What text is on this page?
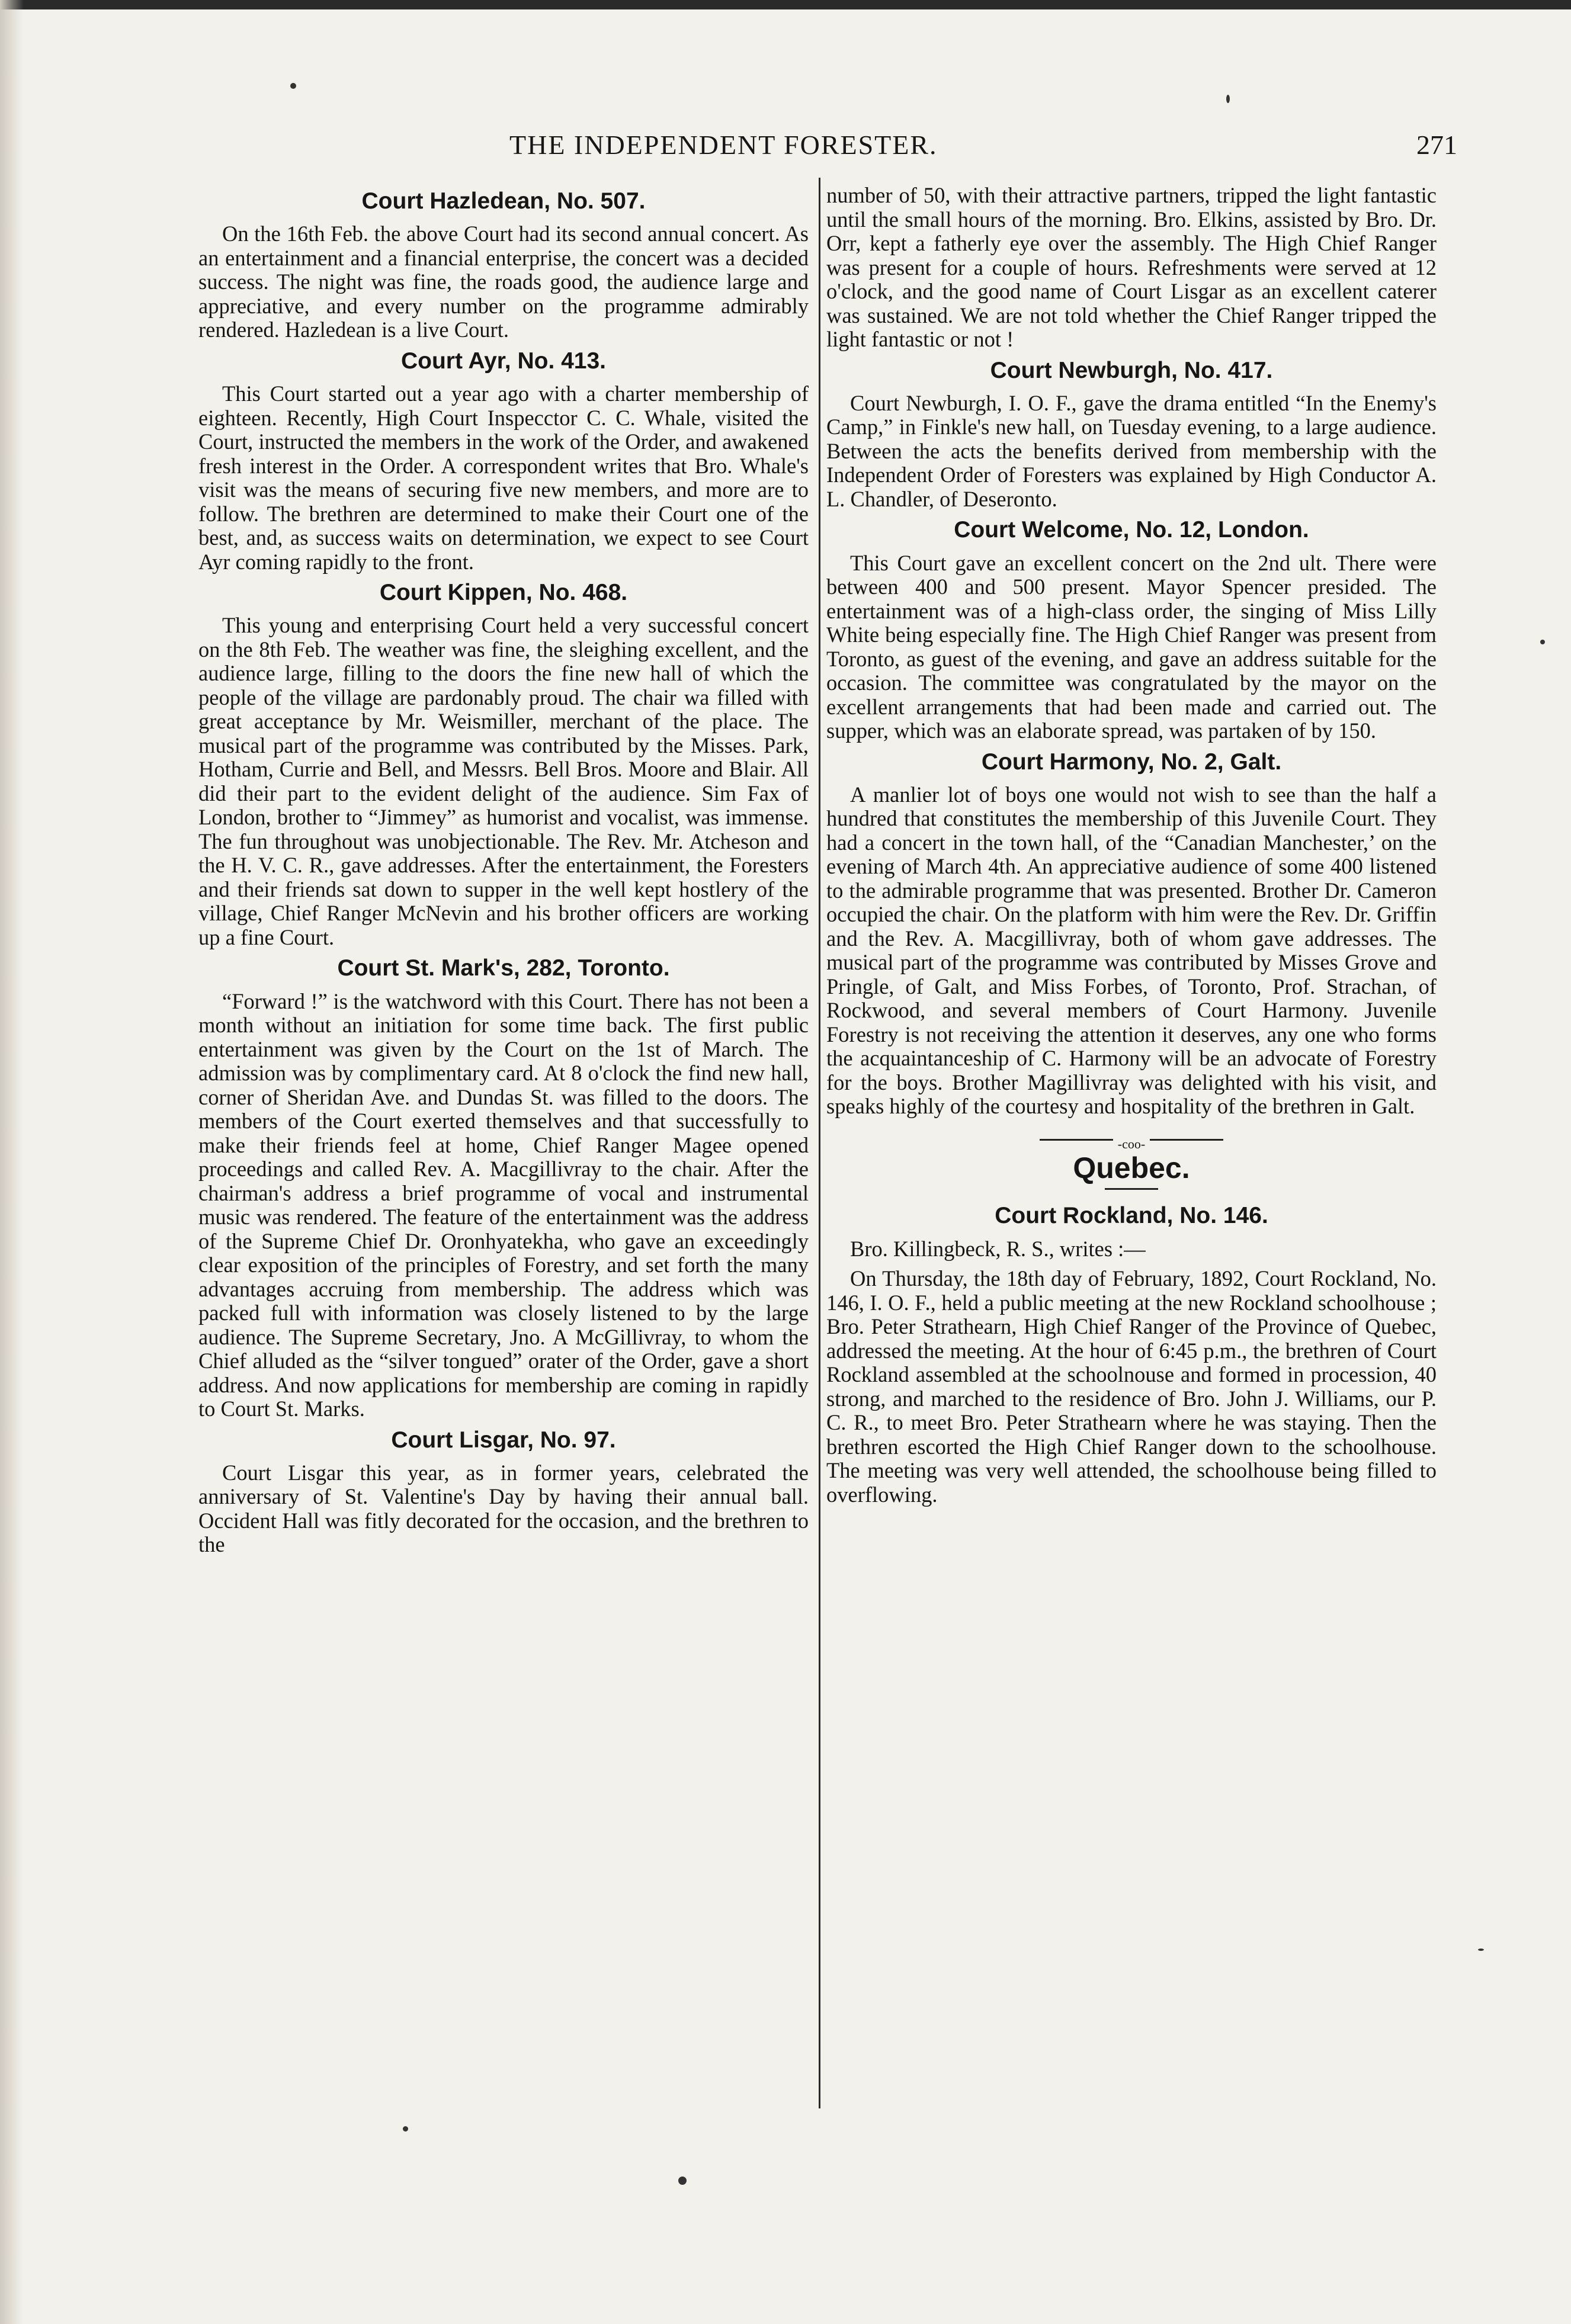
THE INDEPENDENT FORESTER.	271
Court Hazledean, No. 507.

On the 16th Feb. the above Court had its second annual concert. As an entertainment and a financial enterprise, the concert was a decided success. The night was fine, the roads good, the audience large and appreciative, and every number on the programme admirably rendered. Hazledean is a live Court.

Court Ayr, No. 413.

This Court started out a year ago with a charter membership of eighteen. Recently, High Court Inspecctor C. C. Whale, visited the Court, instructed the members in the work of the Order, and awakened fresh interest in the Order. A correspondent writes that Bro. Whale's visit was the means of securing five new members, and more are to follow. The brethren are determined to make their Court one of the best, and, as success waits on determination, we expect to see Court Ayr coming rapidly to the front.

Court Kippen, No. 468.

This young and enterprising Court held a very successful concert on the 8th Feb. The weather was fine, the sleighing excellent, and the audience large, filling to the doors the fine new hall of which the people of the village are pardonably proud. The chair wa filled with great acceptance by Mr. Weismiller, merchant of the place. The musical part of the programme was contributed by the Misses. Park, Hotham, Currie and Bell, and Messrs. Bell Bros. Moore and Blair. All did their part to the evident delight of the audience. Sim Fax of London, brother to “Jimmey” as humorist and vocalist, was immense. The fun throughout was unobjectionable. The Rev. Mr. Atcheson and the H. V. C. R., gave addresses. After the entertainment, the Foresters and their friends sat down to supper in the well kept hostlery of the village, Chief Ranger McNevin and his brother officers are working up a fine Court.

Court St. Mark's, 282, Toronto.

“Forward !” is the watchword with this Court. There has not been a month without an initiation for some time back. The first public entertainment was given by the Court on the 1st of March. The admission was by complimentary card. At 8 o'clock the find new hall, corner of Sheridan Ave. and Dundas St. was filled to the doors. The members of the Court exerted themselves and that successfully to make their friends feel at home, Chief Ranger Magee opened proceedings and called Rev. A. Macgillivray to the chair. After the chairman's address a brief programme of vocal and instrumental music was rendered. The feature of the entertainment was the address of the Supreme Chief Dr. Oronhyatekha, who gave an exceedingly clear exposition of the principles of Forestry, and set forth the many advantages accruing from membership. The address which was packed full with information was closely listened to by the large audience. The Supreme Secretary, Jno. A McGillivray, to whom the Chief alluded as the “silver tongued” orater of the Order, gave a short address. And now applications for membership are coming in rapidly to Court St. Marks.

Court Lisgar, No. 97.

Court Lisgar this year, as in former years, celebrated the anniversary of St. Valentine's Day by having their annual ball. Occident Hall was fitly decorated for the occasion, and the brethren to the

number of 50, with their attractive partners, tripped the light fantastic until the small hours of the morning. Bro. Elkins, assisted by Bro. Dr. Orr, kept a fatherly eye over the assembly. The High Chief Ranger was present for a couple of hours. Refreshments were served at 12 o'clock, and the good name of Court Lisgar as an excellent caterer was sustained. We are not told whether the Chief Ranger tripped the light fantastic or not !

Court Newburgh, No. 417.

Court Newburgh, I. O. F., gave the drama entitled “In the Enemy's Camp,” in Finkle's new hall, on Tuesday evening, to a large audience. Between the acts the benefits derived from membership with the Independent Order of Foresters was explained by High Conductor A. L. Chandler, of Deseronto.

Court Welcome, No. 12, London.

This Court gave an excellent concert on the 2nd ult. There were between 400 and 500 present. Mayor Spencer presided. The entertainment was of a high-class order, the singing of Miss Lilly White being especially fine. The High Chief Ranger was present from Toronto, as guest of the evening, and gave an address suitable for the occasion. The committee was congratulated by the mayor on the excellent arrangements that had been made and carried out. The supper, which was an elaborate spread, was partaken of by 150.

Court Harmony, No. 2, Galt.

A manlier lot of boys one would not wish to see than the half a hundred that constitutes the membership of this Juvenile Court. They had a concert in the town hall, of the “Canadian Manchester,’ on the evening of March 4th. An appreciative audience of some 400 listened to the admirable programme that was presented. Brother Dr. Cameron occupied the chair. On the platform with him were the Rev. Dr. Griffin and the Rev. A. Macgillivray, both of whom gave addresses. The musical part of the programme was contributed by Misses Grove and Pringle, of Galt, and Miss Forbes, of Toronto, Prof. Strachan, of Rockwood, and several members of Court Harmony. Juvenile Forestry is not receiving the attention it deserves, any one who forms the acquaintanceship of C. Harmony will be an advocate of Forestry for the boys. Brother Magillivray was delighted with his visit, and speaks highly of the courtesy and hospitality of the brethren in Galt.

-coo-
Quebec.
Court Rockland, No. 146.

Bro. Killingbeck, R. S., writes :—

On Thursday, the 18th day of February, 1892, Court Rockland, No. 146, I. O. F., held a public meeting at the new Rockland schoolhouse ; Bro. Peter Strathearn, High Chief Ranger of the Province of Quebec, addressed the meeting. At the hour of 6:45 p.m., the brethren of Court Rockland assembled at the schoolnouse and formed in procession, 40 strong, and marched to the residence of Bro. John J. Williams, our P. C. R., to meet Bro. Peter Strathearn where he was staying. Then the brethren escorted the High Chief Ranger down to the schoolhouse. The meeting was very well attended, the schoolhouse being filled to overflowing.
